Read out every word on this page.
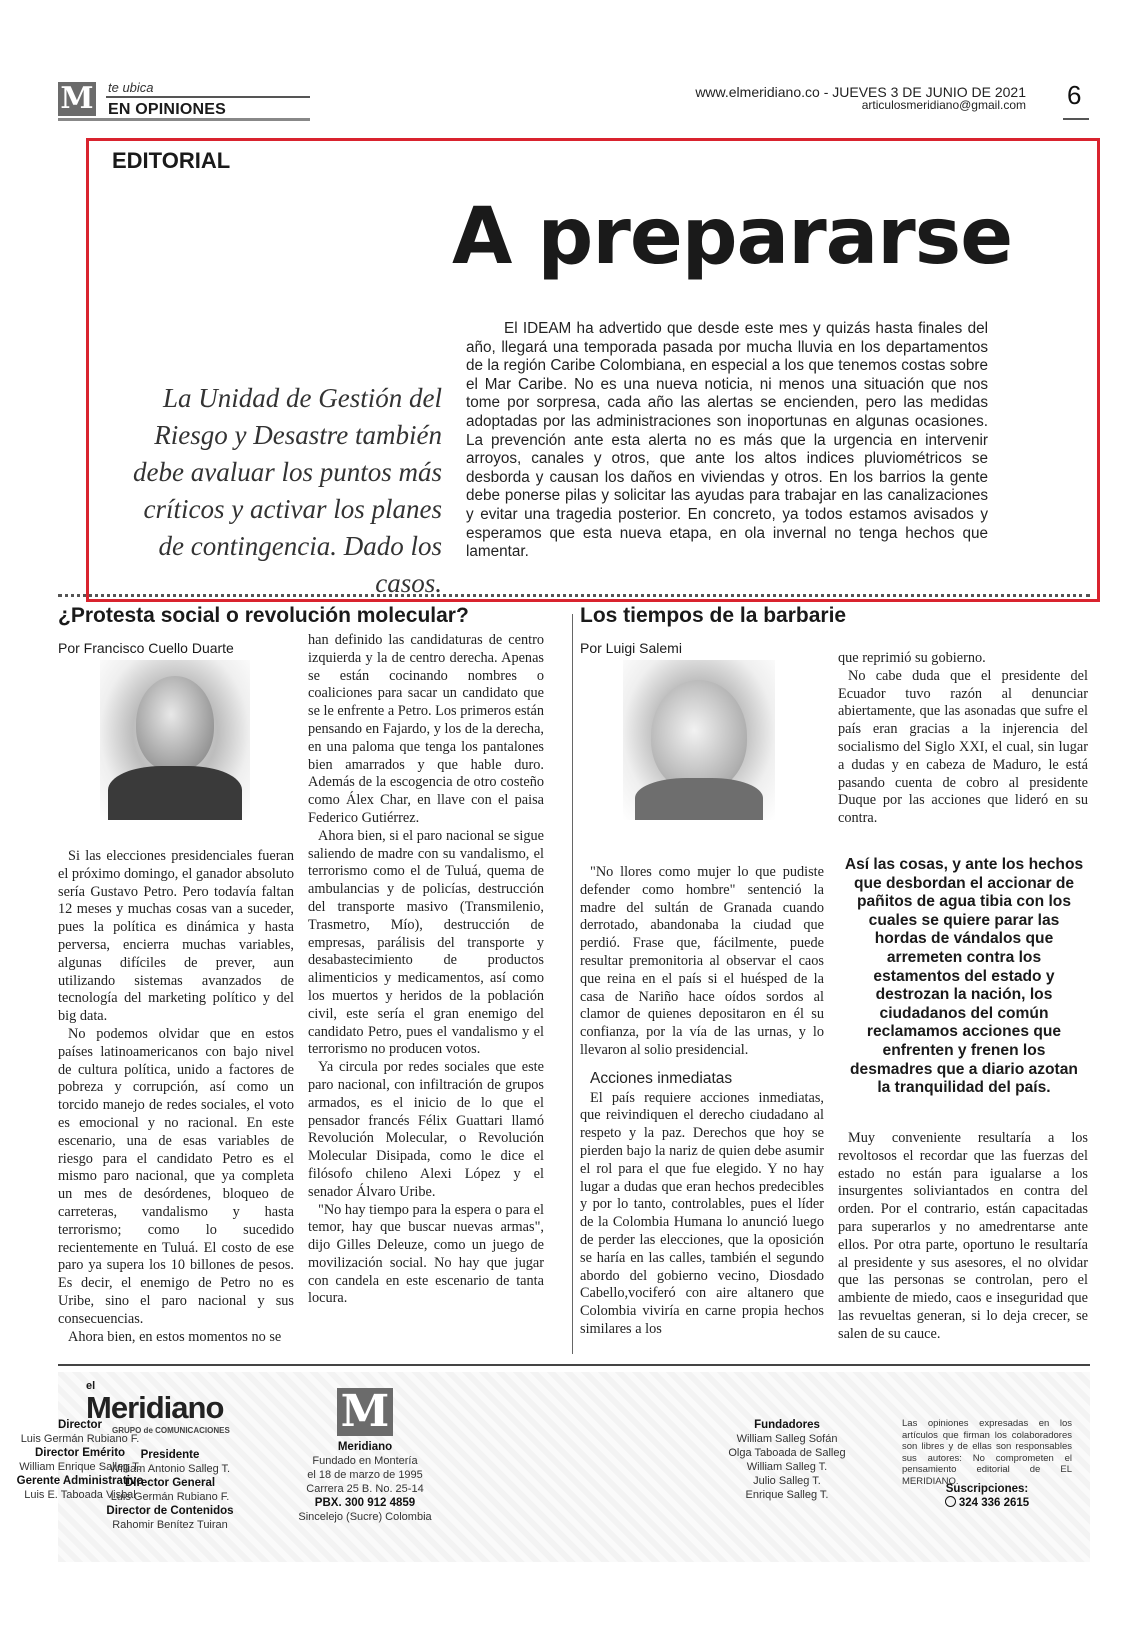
M te ubica
EN OPINIONES
www.elmeridiano.co - JUEVES 3 DE JUNIO DE 2021
articulosmeridiano@gmail.com 6
EDITORIAL
A prepararse
La Unidad de Gestión del Riesgo y Desastre también debe avaluar los puntos más críticos y activar los planes de contingencia. Dado los casos.
El IDEAM ha advertido que desde este mes y quizás hasta finales del año, llegará una temporada pasada por mucha lluvia en los departamentos de la región Caribe Colombiana, en especial a los que tenemos costas sobre el Mar Caribe. No es una nueva noticia, ni menos una situación que nos tome por sorpresa, cada año las alertas se encienden, pero las medidas adoptadas por las administraciones son inoportunas en algunas ocasiones. La prevención ante esta alerta no es más que la urgencia en intervenir arroyos, canales y otros, que ante los altos indices pluviométricos se desborda y causan los daños en viviendas y otros. En los barrios la gente debe ponerse pilas y solicitar las ayudas para trabajar en las canalizaciones y evitar una tragedia posterior. En concreto, ya todos estamos avisados y esperamos que esta nueva etapa, en ola invernal no tenga hechos que lamentar.
¿Protesta social o revolución molecular?
Por Francisco Cuello Duarte

Si las elecciones presidenciales fueran el próximo domingo, el ganador absoluto sería Gustavo Petro. Pero todavía faltan 12 meses y muchas cosas van a suceder, pues la política es dinámica y hasta perversa, encierra muchas variables, algunas difíciles de prever, aun utilizando sistemas avanzados de tecnología del marketing político y del big data.

No podemos olvidar que en estos países latinoamericanos con bajo nivel de cultura política, unido a factores de pobreza y corrupción, así como un torcido manejo de redes sociales, el voto es emocional y no racional. En este escenario, una de esas variables de riesgo para el candidato Petro es el mismo paro nacional, que ya completa un mes de desórdenes, bloqueo de carreteras, vandalismo y hasta terrorismo; como lo sucedido recientemente en Tuluá. El costo de ese paro ya supera los 10 billones de pesos. Es decir, el enemigo de Petro no es Uribe, sino el paro nacional y sus consecuencias.

Ahora bien, en estos momentos no se

han definido las candidaturas de centro izquierda y la de centro derecha. Apenas se están cocinando nombres o coaliciones para sacar un candidato que se le enfrente a Petro. Los primeros están pensando en Fajardo, y los de la derecha, en una paloma que tenga los pantalones bien amarrados y que hable duro. Además de la escogencia de otro costeño como Álex Char, en llave con el paisa Federico Gutiérrez.

Ahora bien, si el paro nacional se sigue saliendo de madre con su vandalismo, el terrorismo como el de Tuluá, quema de ambulancias y de policías, destrucción del transporte masivo (Transmilenio, Trasmetro, Mío), destrucción de empresas, parálisis del transporte y desabastecimiento de productos alimenticios y medicamentos, así como los muertos y heridos de la población civil, este sería el gran enemigo del candidato Petro, pues el vandalismo y el terrorismo no producen votos.

Ya circula por redes sociales que este paro nacional, con infiltración de grupos armados, es el inicio de lo que el pensador francés Félix Guattari llamó Revolución Molecular, o Revolución Molecular Disipada, como le dice el filósofo chileno Alexi López y el senador Álvaro Uribe.

"No hay tiempo para la espera o para el temor, hay que buscar nuevas armas", dijo Gilles Deleuze, como un juego de movilización social. No hay que jugar con candela en este escenario de tanta locura.

Los tiempos de la barbarie
Por Luigi Salemi

"No llores como mujer lo que pudiste defender como hombre" sentenció la madre del sultán de Granada cuando derrotado, abandonaba la ciudad que perdió. Frase que, fácilmente, puede resultar premonitoria al observar el caos que reina en el país si el huésped de la casa de Nariño hace oídos sordos al clamor de quienes depositaron en él su confianza, por la vía de las urnas, y lo llevaron al solio presidencial.

Acciones inmediatas

El país requiere acciones inmediatas, que reivindiquen el derecho ciudadano al respeto y la paz. Derechos que hoy se pierden bajo la nariz de quien debe asumir el rol para el que fue elegido. Y no hay lugar a dudas que eran hechos predecibles y por lo tanto, controlables, pues el líder de la Colombia Humana lo anunció luego de perder las elecciones, que la oposición se haría en las calles, también el segundo abordo del gobierno vecino, Diosdado Cabello,vociferó con aire altanero que Colombia viviría en carne propia hechos similares a los

que reprimió su gobierno.

No cabe duda que el presidente del Ecuador tuvo razón al denunciar abiertamente, que las asonadas que sufre el país eran gracias a la injerencia del socialismo del Siglo XXI, el cual, sin lugar a dudas y en cabeza de Maduro, le está pasando cuenta de cobro al presidente Duque por las acciones que lideró en su contra.

Así las cosas, y ante los hechos que desbordan el accionar de pañitos de agua tibia con los cuales se quiere parar las hordas de vándalos que arremeten contra los estamentos del estado y destrozan la nación, los ciudadanos del común reclamamos acciones que enfrenten y frenen los desmadres que a diario azotan la tranquilidad del país.

Muy conveniente resultaría a los revoltosos el recordar que las fuerzas del estado no están para igualarse a los insurgentes soliviantados en contra del orden. Por el contrario, están capacitadas para superarlos y no amedrentarse ante ellos. Por otra parte, oportuno le resultaría al presidente y sus asesores, el no olvidar que las personas se controlan, pero el ambiente de miedo, caos e inseguridad que las revueltas generan, si lo deja crecer, se salen de su cauce.

el
Meridiano
GRUPO de COMUNICACIONES
Presidente
William Antonio Salleg T.
Director General
Luis Germán Rubiano F.
Director de Contenidos
Rahomir Benítez Tuiran
M
Meridiano
Fundado en Montería
el 18 de marzo de 1995
Carrera 25 B. No. 25-14
PBX. 300 912 4859
Sincelejo (Sucre) Colombia
Director
Luis Germán Rubiano F.
Director Emérito
William Enrique Salleg T.
Gerente Administrativo
Luis E. Taboada Visbal
Fundadores
William Salleg Sofán
Olga Taboada de Salleg
William Salleg T.
Julio Salleg T.
Enrique Salleg T.
Las opiniones expresadas en los artículos que firman los colaboradores son libres y de ellas son responsables sus autores: No comprometen el pensamiento editorial de EL MERIDIANO.
Suscripciones:
324 336 2615
